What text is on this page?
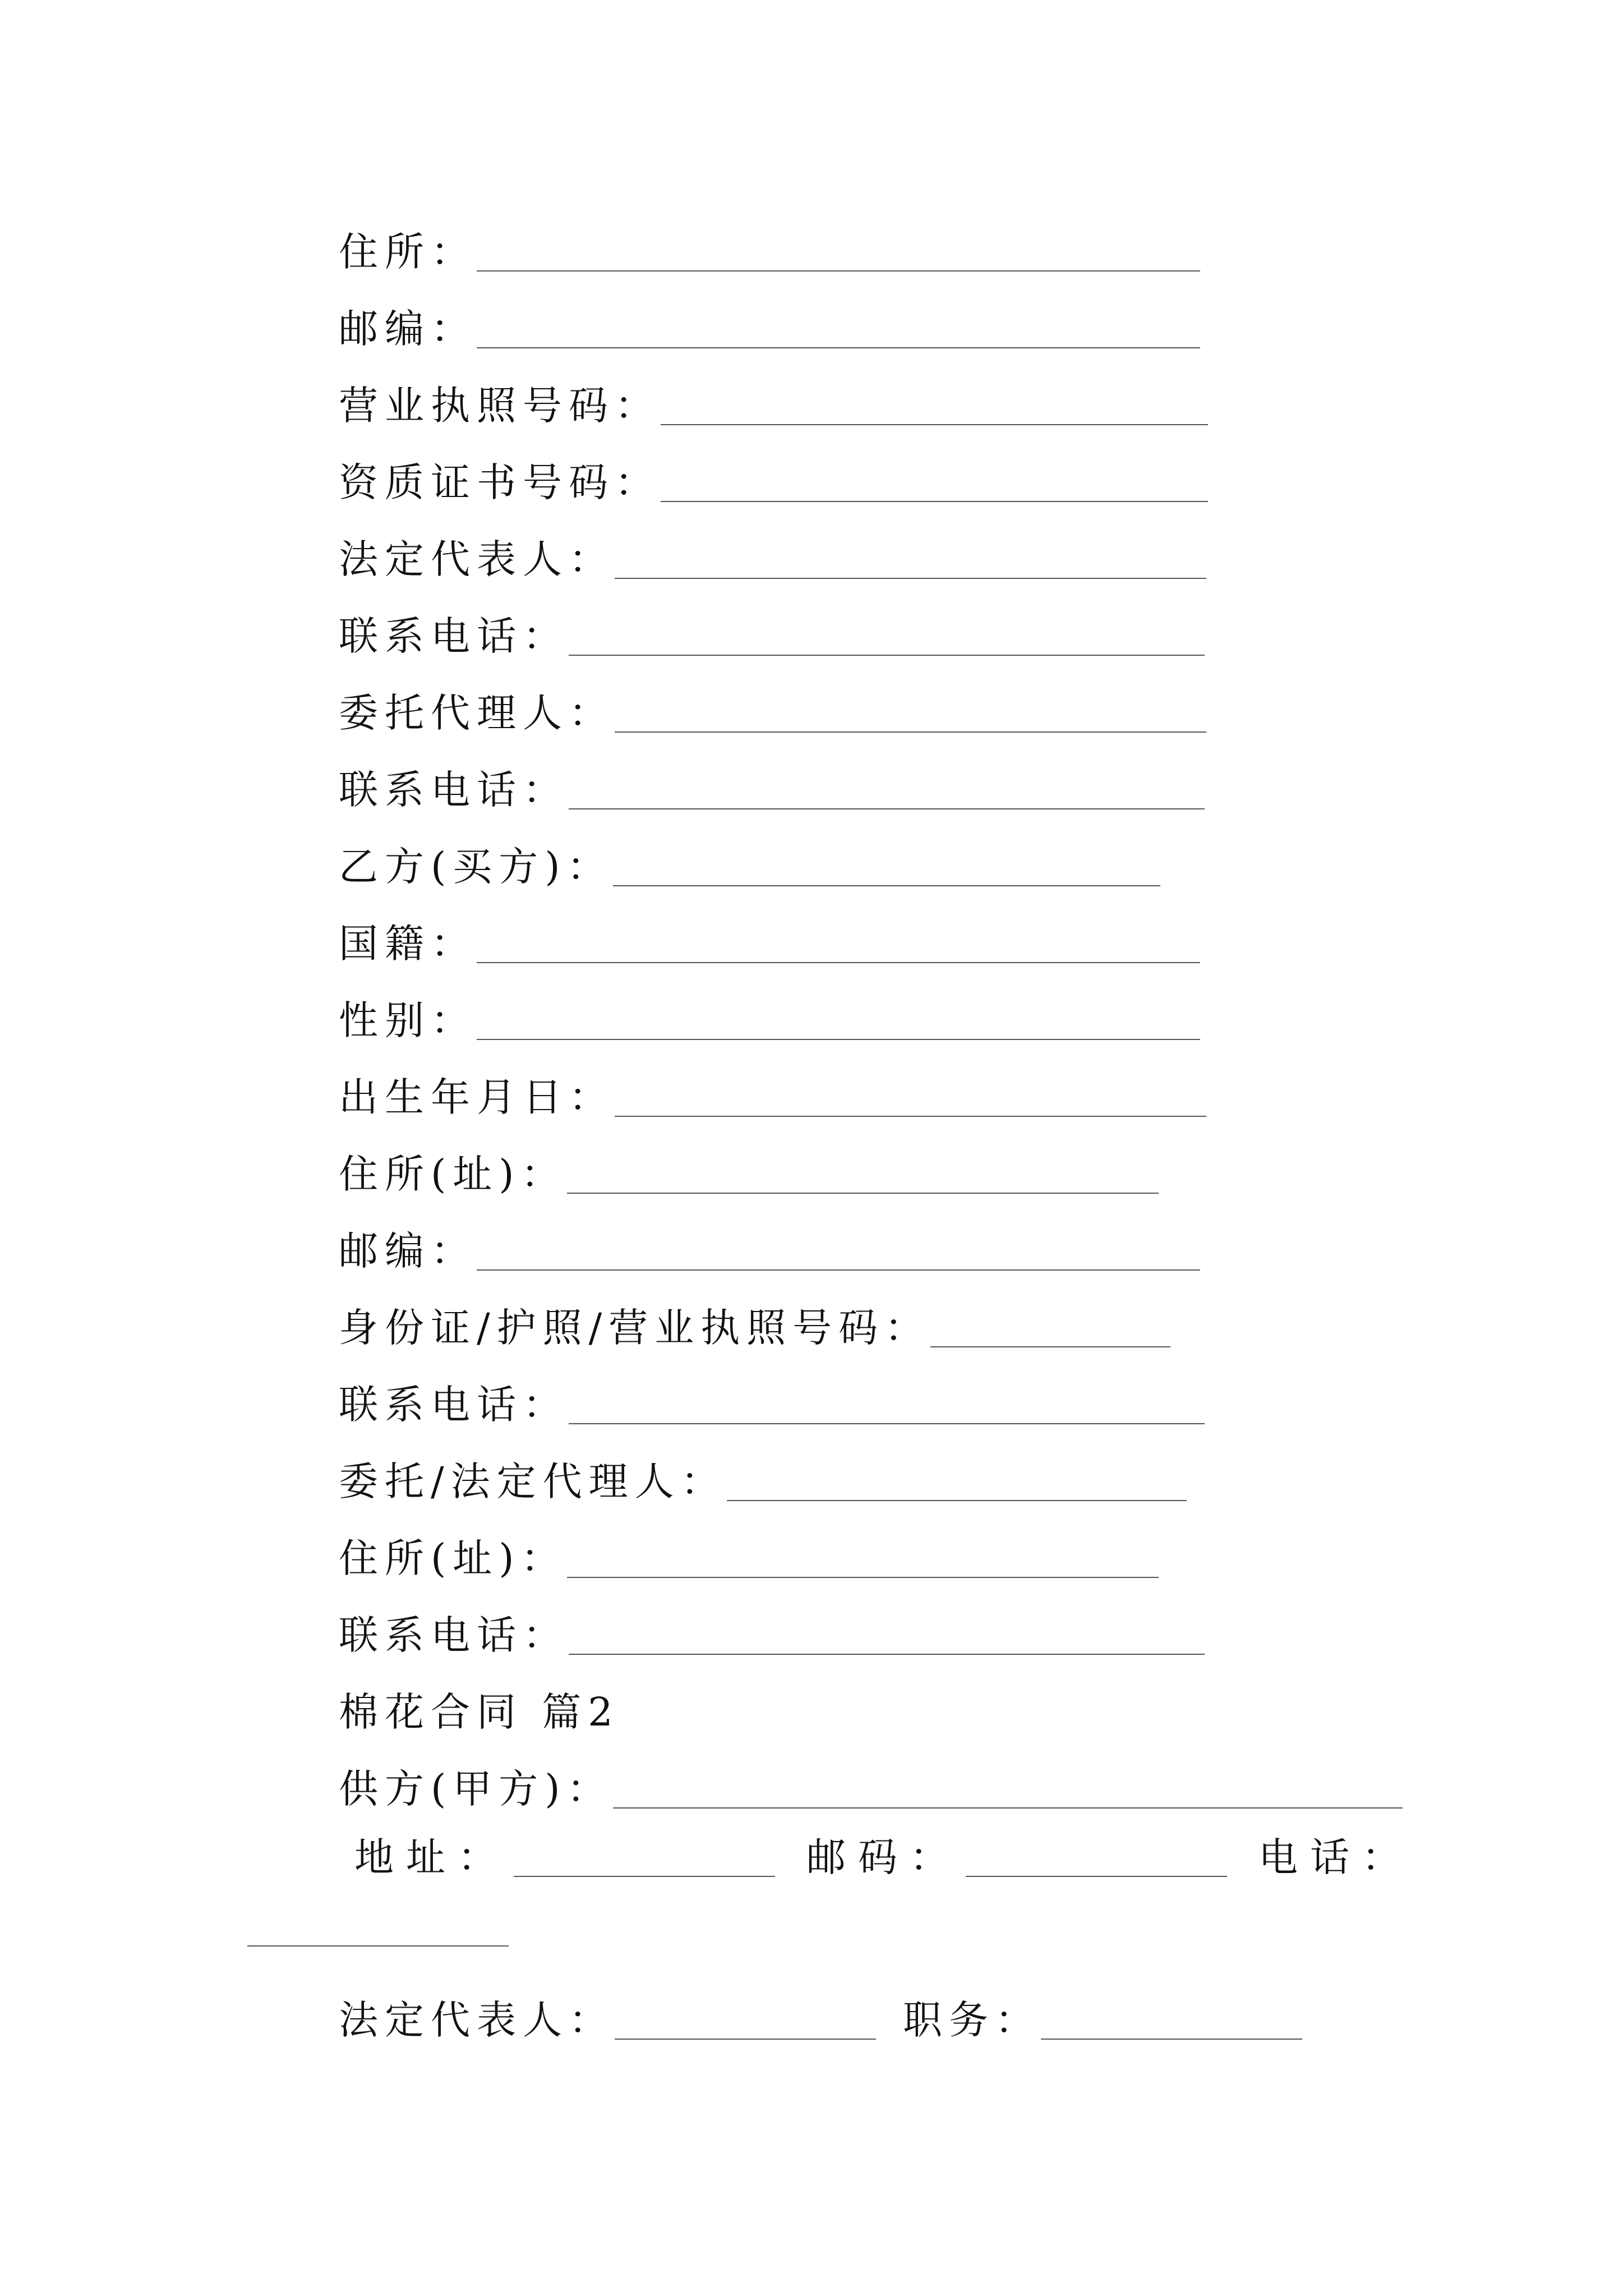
住所：
邮编：
营业执照号码：
资质证书号码：
法定代表人：
联系电话：
委托代理人：
联系电话：
乙方(买方)：
国籍：
性别：
出生年月日：
住所(址)：
邮编：
身份证/护照/营业执照号码：
联系电话：
委托/法定代理人：
住所(址)：
联系电话：
棉花合同 篇2
供方(甲方)：
地址：	邮码：	电话：
法定代表人：	职务：
